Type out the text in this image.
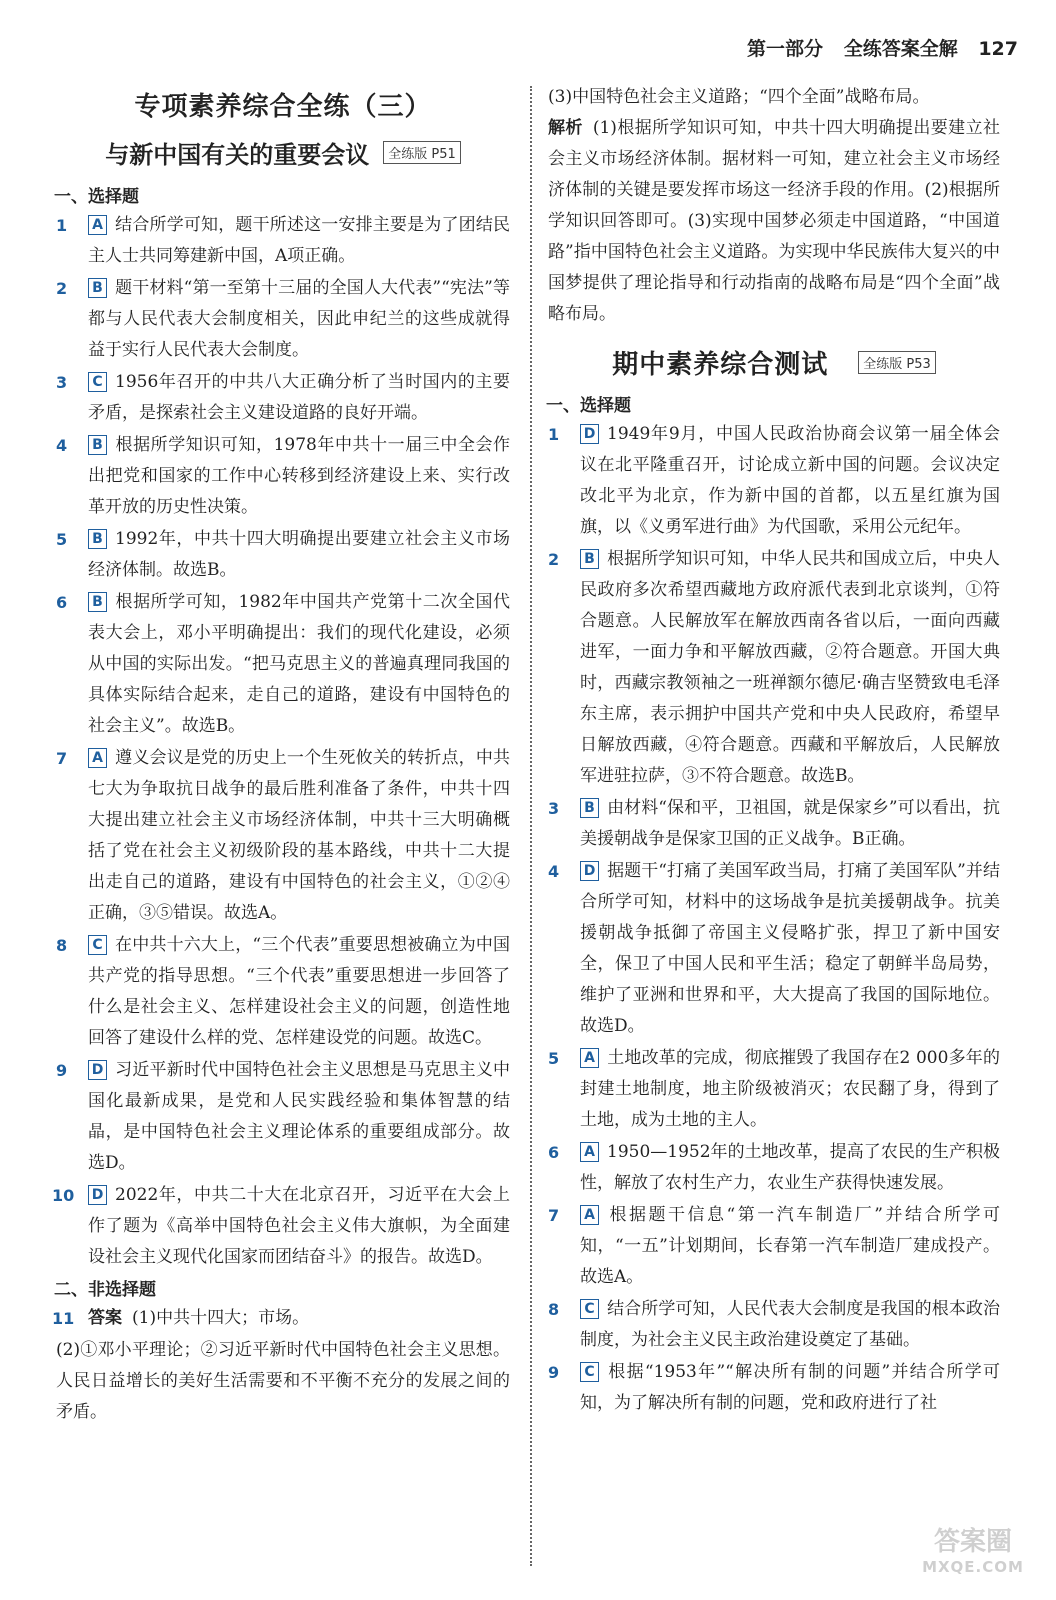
第一部分 全练答案全解 127
专项素养综合全练（三）
与新中国有关的重要会议	全练版 P51
一、选择题
1 A 结合所学可知，题干所述这一安排主要是为了团结民主人士共同筹建新中国，A项正确。
2 B 题干材料“第一至第十三届的全国人大代表”“宪法”等都与人民代表大会制度相关，因此申纪兰的这些成就得益于实行人民代表大会制度。
3 C 1956年召开的中共八大正确分析了当时国内的主要矛盾，是探索社会主义建设道路的良好开端。
4 B 根据所学知识可知，1978年中共十一届三中全会作出把党和国家的工作中心转移到经济建设上来、实行改革开放的历史性决策。
5 B 1992年，中共十四大明确提出要建立社会主义市场经济体制。故选B。
6 B 根据所学可知，1982年中国共产党第十二次全国代表大会上，邓小平明确提出：我们的现代化建设，必须从中国的实际出发。“把马克思主义的普遍真理同我国的具体实际结合起来，走自己的道路，建设有中国特色的社会主义”。故选B。
7 A 遵义会议是党的历史上一个生死攸关的转折点，中共七大为争取抗日战争的最后胜利准备了条件，中共十四大提出建立社会主义市场经济体制，中共十三大明确概括了党在社会主义初级阶段的基本路线，中共十二大提出走自己的道路，建设有中国特色的社会主义，①②④正确，③⑤错误。故选A。
8 C 在中共十六大上，“三个代表”重要思想被确立为中国共产党的指导思想。“三个代表”重要思想进一步回答了什么是社会主义、怎样建设社会主义的问题，创造性地回答了建设什么样的党、怎样建设党的问题。故选C。
9 D 习近平新时代中国特色社会主义思想是马克思主义中国化最新成果，是党和人民实践经验和集体智慧的结晶，是中国特色社会主义理论体系的重要组成部分。故选D。
10 D 2022年，中共二十大在北京召开，习近平在大会上作了题为《高举中国特色社会主义伟大旗帜，为全面建设社会主义现代化国家而团结奋斗》的报告。故选D。
二、非选择题
11 答案 (1)中共十四大；市场。
(2)①邓小平理论；②习近平新时代中国特色社会主义思想。人民日益增长的美好生活需要和不平衡不充分的发展之间的矛盾。
(3)中国特色社会主义道路；“四个全面”战略布局。
解析 (1)根据所学知识可知，中共十四大明确提出要建立社会主义市场经济体制。据材料一可知，建立社会主义市场经济体制的关键是要发挥市场这一经济手段的作用。(2)根据所学知识回答即可。(3)实现中国梦必须走中国道路，“中国道路”指中国特色社会主义道路。为实现中华民族伟大复兴的中国梦提供了理论指导和行动指南的战略布局是“四个全面”战略布局。
期中素养综合测试	全练版 P53
一、选择题
1 D 1949年9月，中国人民政治协商会议第一届全体会议在北平隆重召开，讨论成立新中国的问题。会议决定改北平为北京，作为新中国的首都，以五星红旗为国旗，以《义勇军进行曲》为代国歌，采用公元纪年。
2 B 根据所学知识可知，中华人民共和国成立后，中央人民政府多次希望西藏地方政府派代表到北京谈判，①符合题意。人民解放军在解放西南各省以后，一面向西藏进军，一面力争和平解放西藏，②符合题意。开国大典时，西藏宗教领袖之一班禅额尔德尼·确吉坚赞致电毛泽东主席，表示拥护中国共产党和中央人民政府，希望早日解放西藏，④符合题意。西藏和平解放后，人民解放军进驻拉萨，③不符合题意。故选B。
3 B 由材料“保和平，卫祖国，就是保家乡”可以看出，抗美援朝战争是保家卫国的正义战争。B正确。
4 D 据题干“打痛了美国军政当局，打痛了美国军队”并结合所学可知，材料中的这场战争是抗美援朝战争。抗美援朝战争抵御了帝国主义侵略扩张，捍卫了新中国安全，保卫了中国人民和平生活；稳定了朝鲜半岛局势，维护了亚洲和世界和平，大大提高了我国的国际地位。故选D。
5 A 土地改革的完成，彻底摧毁了我国存在2 000多年的封建土地制度，地主阶级被消灭；农民翻了身，得到了土地，成为土地的主人。
6 A 1950—1952年的土地改革，提高了农民的生产积极性，解放了农村生产力，农业生产获得快速发展。
7 A 根据题干信息“第一汽车制造厂”并结合所学可知，“一五”计划期间，长春第一汽车制造厂建成投产。故选A。
8 C 结合所学可知，人民代表大会制度是我国的根本政治制度，为社会主义民主政治建设奠定了基础。
9 C 根据“1953年”“解决所有制的问题”并结合所学可知，为了解决所有制的问题，党和政府进行了社
答案圈
MXQE.COM
